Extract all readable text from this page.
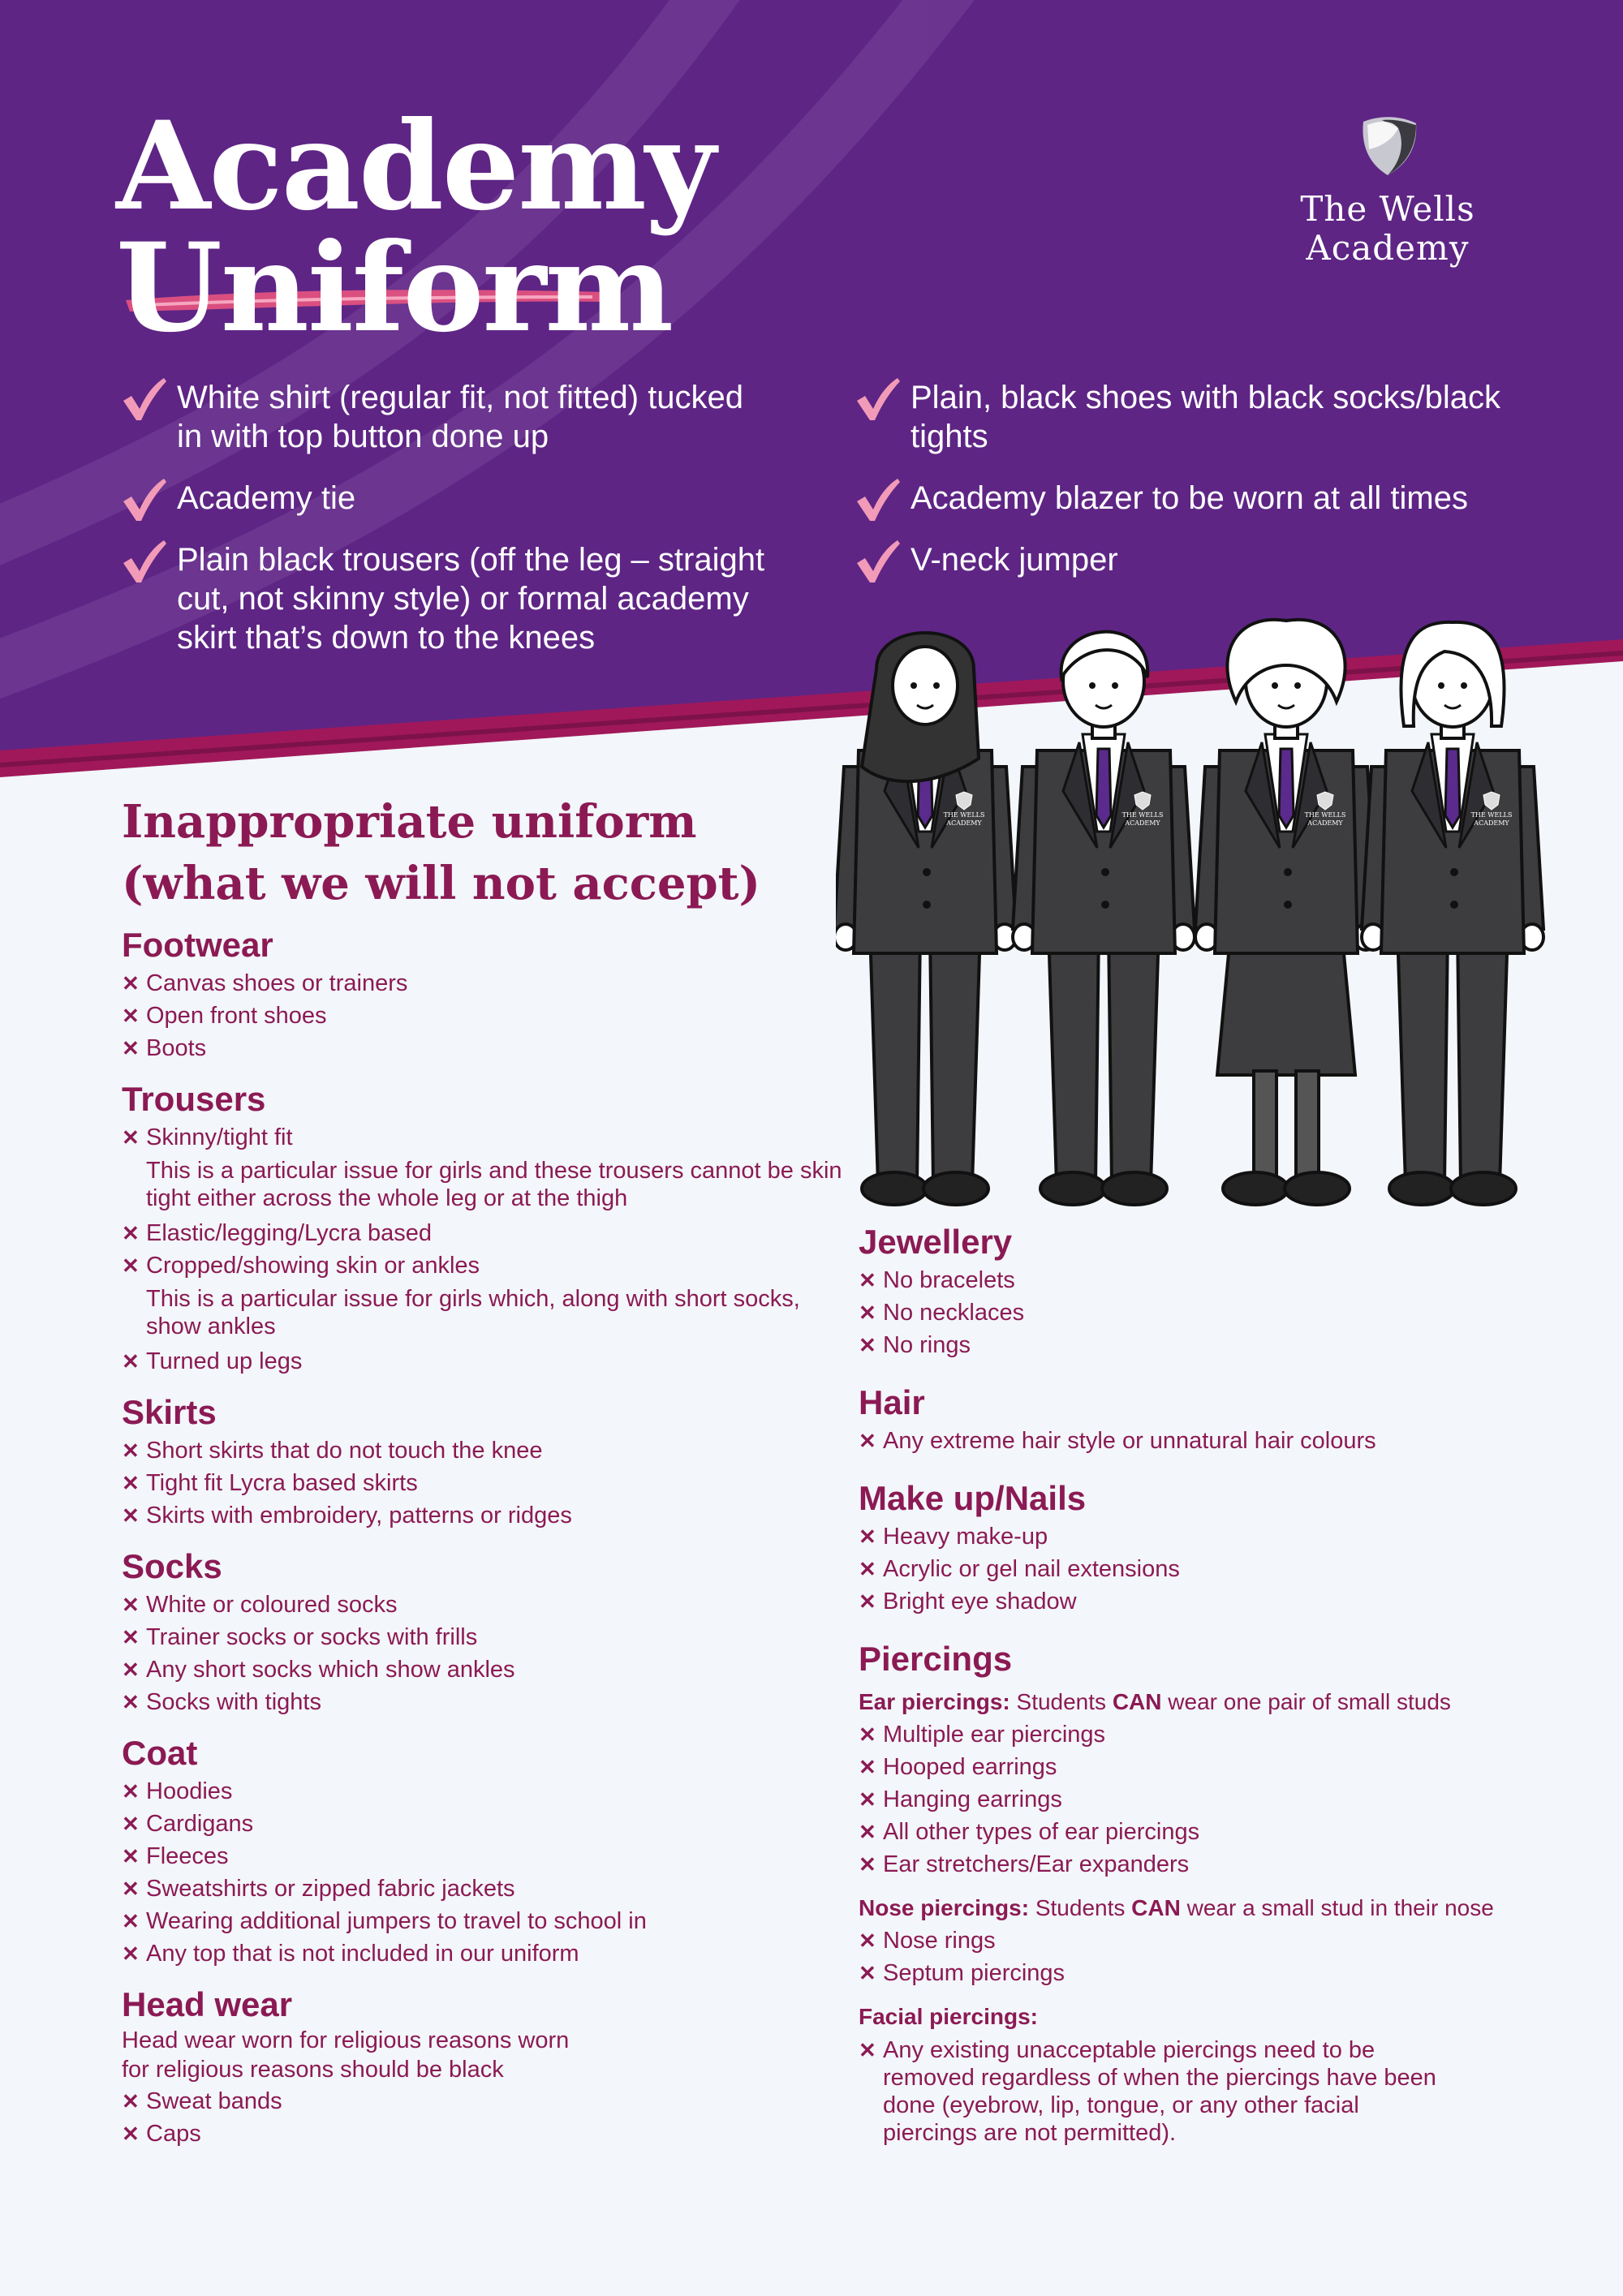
Academy
Uniform
The Wells
Academy
White shirt (regular fit, not fitted) tucked in with top button done up
Academy tie
Plain black trousers (off the leg – straight cut, not skinny style) or formal academy skirt that’s down to the knees
Plain, black shoes with black socks/black tights
Academy blazer to be worn at all times
V-neck jumper
THE WELLS
ACADEMY
THE WELLS
ACADEMY
THE WELLS
ACADEMY
THE WELLS
ACADEMY
Inappropriate uniform
(what we will not accept)
Footwear
✕ Canvas shoes or trainers
✕ Open front shoes
✕ Boots
Trousers
✕ Skinny/tight fit
This is a particular issue for girls and these trousers cannot be skin tight either across the whole leg or at the thigh
✕ Elastic/legging/Lycra based
✕ Cropped/showing skin or ankles
This is a particular issue for girls which, along with short socks, show ankles
✕ Turned up legs
Skirts
✕ Short skirts that do not touch the knee
✕ Tight fit Lycra based skirts
✕ Skirts with embroidery, patterns or ridges
Socks
✕ White or coloured socks
✕ Trainer socks or socks with frills
✕ Any short socks which show ankles
✕ Socks with tights
Coat
✕ Hoodies
✕ Cardigans
✕ Fleeces
✕ Sweatshirts or zipped fabric jackets
✕ Wearing additional jumpers to travel to school in
✕ Any top that is not included in our uniform
Head wear
Head wear worn for religious reasons worn
for religious reasons should be black
✕ Sweat bands
✕ Caps
Jewellery
✕ No bracelets
✕ No necklaces
✕ No rings
Hair
✕ Any extreme hair style or unnatural hair colours
Make up/Nails
✕ Heavy make-up
✕ Acrylic or gel nail extensions
✕ Bright eye shadow
Piercings
Ear piercings: Students CAN wear one pair of small studs
✕ Multiple ear piercings
✕ Hooped earrings
✕ Hanging earrings
✕ All other types of ear piercings
✕ Ear stretchers/Ear expanders
Nose piercings: Students CAN wear a small stud in their nose
✕ Nose rings
✕ Septum piercings
Facial piercings:
✕ Any existing unacceptable piercings need to be
removed regardless of when the piercings have been
done (eyebrow, lip, tongue, or any other facial
piercings are not permitted).
